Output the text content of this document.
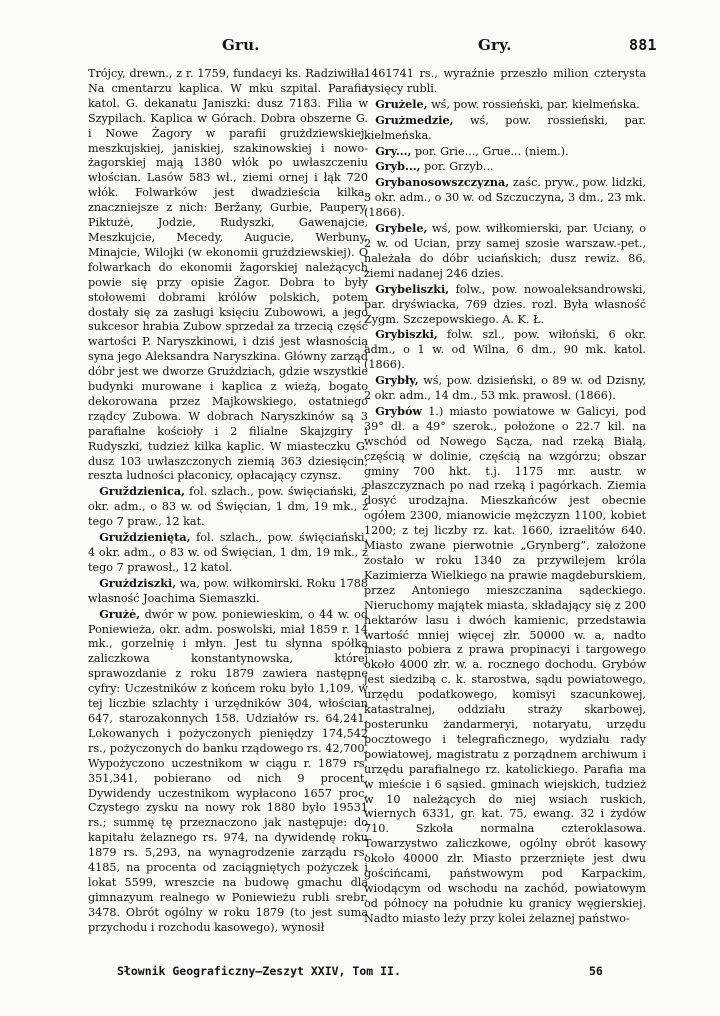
Gru.	Gry.	881

Trójcy, drewn., z r. 1759, fundacyi ks. Radziwiłła. Na cmentarzu kaplica. W mku szpital. Parafia katol. G. dekanatu Janiszki: dusz 7183. Filia w Szypilach. Kaplica w Górach. Dobra obszerne G. i Nowe Żagory w parafii grużdziewskiej, meszkujskiej, janiskiej, szakinowskiej i nowo-żagorskiej mają 1380 włók po uwłaszczeniu włościan. Lasów 583 wł., ziemi ornej i łąk 720 włók. Folwarków jest dwadzieścia kilka, znaczniejsze z nich: Beržany, Gurbie, Paupery, Piktużė, Jodzie, Rudyszki, Gawenajcie, Meszkujcie, Mecedy, Augucie, Werbuny, Minajcie, Wilojki (w ekonomii grużdziewskiej). O folwarkach do ekonomii žagorskiej należących powie się przy opisie Żagor. Dobra to były stołowemi dobrami królów polskich, potem dostały się za zasługi księciu Zubowowi, a jego sukcesor hrabia Zubow sprzedał za trzecią część wartości P. Naryszkinowi, i dziś jest własnością syna jego Aleksandra Naryszkina. Główny zarząd dóbr jest we dworze Grużdziach, gdzie wszystkie budynki murowane i kaplica z wieżą, bogato dekorowana przez Majkowskiego, ostatniego rządcy Zubowa. W dobrach Naryszkinów są 3 parafialne kościoły i 2 filialne Skajzgiry i Rudyszki, tudzież kilka kaplic. W miasteczku G. dusz 103 uwłaszczonych ziemią 363 dziesięcin; reszta ludności płaconicy, opłacający czynsz.

 Gruždzienica, fol. szlach., pow. święciański, 2 okr. adm., o 83 w. od Święcian, 1 dm, 19 mk., z tego 7 praw., 12 kat.

 Gruždzienięta, fol. szlach., pow. święciański, 4 okr. adm., o 83 w. od Święcian, 1 dm, 19 mk., z tego 7 prawosł., 12 katol.

 Grużdziszki, wa, pow. wiłkomirski. Roku 1788 własność Joachima Siemaszki.

 Grużė, dwór w pow. poniewieskim, o 44 w. od Poniewieża, okr. adm. poswolski, miał 1859 r. 14 mk., gorzelnię i młyn. Jest tu słynna spółka zaliczkowa konstantynowska, której sprawozdanie z roku 1879 zawiera następne cyfry: Uczestników z końcem roku było 1,109, w tej liczbie szlachty i urzędników 304, włościan 647, starozakonnych 158. Udziałów rs. 64,241. Lokowanych i pożyczonych pieniędzy 174,542 rs., pożyczonych do banku rządowego rs. 42,700. Wypożyczono uczestnikom w ciągu r. 1879 rs. 351,341, pobierano od nich 9 procent. Dywidendy uczestnikom wypłacono 1657 proc. Czystego zysku na nowy rok 1880 było 19531 rs.; summę tę przeznaczono jak następuje: do kapitału żelaznego rs. 974, na dywidendę roku 1879 rs. 5,293, na wynagrodzenie zarządu rs. 4185, na procenta od zaciągniętych pożyczek i lokat 5599, wreszcie na budowę gmachu dla gimnazyum realnego w Poniewieżu rubli srebr. 3478. Obrót ogólny w roku 1879 (to jest suma przychodu i rozchodu kasowego), wynosił

1461741 rs., wyraźnie przeszło milion czterysta tysięcy rubli.

 Grużele, wś, pow. rossieński, par. kielmeńska.

 Grużmedzie, wś, pow. rossieński, par. kielmeńska.

 Gry..., por. Grie..., Grue... (niem.).

 Gryb..., por. Grzyb...

 Grybanosowszczyzna, zaśc. pryw., pow. lidzki, 3 okr. adm., o 30 w. od Szczuczyna, 3 dm., 23 mk. (1866).

 Grybele, wś, pow. wiłkomierski, par. Uciany, o 2 w. od Ucian, przy samej szosie warszaw.-pet., należała do dóbr uciańskich; dusz rewiz. 86, ziemi nadanej 246 dzies.

 Grybeliszki, folw., pow. nowoaleksandrowski, par. dryświacka, 769 dzies. rozl. Była własność Zygm. Szczepowskiego. A. K. Ł.

 Grybiszki, folw. szl., pow. wiłoński, 6 okr. adm., o 1 w. od Wilna, 6 dm., 90 mk. katol. (1866).

 Grybły, wś, pow. dzisieński, o 89 w. od Dzisny, 2 okr. adm., 14 dm., 53 mk. prawosł. (1866).

 Grybów 1.) miasto powiatowe w Galicyi, pod 39° dł. a 49° szerok., położone o 22.7 kil. na wschód od Nowego Sącza, nad rzeką Białą, częścią w dolinie, częścią na wzgórzu; obszar gminy 700 hkt. t.j. 1175 mr. austr. w płaszczyznach po nad rzeką i pagórkach. Ziemia dosyć urodzajna. Mieszkańców jest obecnie ogółem 2300, mianowicie mężczyzn 1100, kobiet 1200; z tej liczby rz. kat. 1660, izraelitów 640. Miasto zwane pierwotnie „Grynberg”, założone zostało w roku 1340 za przywilejem króla Kazimierza Wielkiego na prawie magdeburskiem, przez Antoniego mieszczanina sądeckiego. Nieruchomy majątek miasta, składający się z 200 hektarów lasu i dwóch kamienic, przedstawia wartość mniej więcej złr. 50000 w. a, nadto miasto pobiera z prawa propinacyi i targowego około 4000 złr. w. a. rocznego dochodu. Grybów jest siedzibą c. k. starostwa, sądu powiatowego, urzędu podatkowego, komisyi szacunkowej, katastralnej, oddziału straży skarbowej, posterunku żandarmeryi, notaryatu, urzędu pocztowego i telegraficznego, wydziału rady powiatowej, magistratu z porządnem archiwum i urzędu parafialnego rz. katolickiego. Parafia ma w mieście i 6 sąsied. gminach wiejskich, tudzież w 10 należących do niej wsiach ruskich, wiernych 6331, gr. kat. 75, ewang. 32 i żydów 710. Szkoła normalna czteroklasowa. Towarzystwo zaliczkowe, ogólny obrót kasowy około 40000 złr. Miasto przerznięte jest dwu gościńcami, państwowym pod Karpackim, wiodącym od wschodu na zachód, powiatowym od północy na południe ku granicy węgierskiej. Nadto miasto leży przy kolei żelaznej państwo-

Słownik Geograficzny—Zeszyt XXIV, Tom II.	56
